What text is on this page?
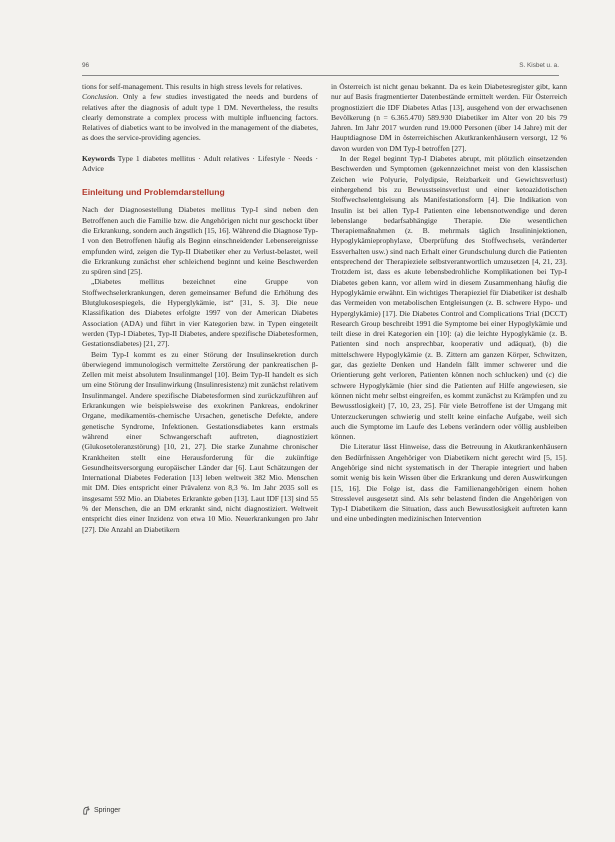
96	S. Kisbet u. a.

tions for self-management. This results in high stress levels for relatives.

Conclusion. Only a few studies investigated the needs and burdens of relatives after the diagnosis of adult type 1 DM. Nevertheless, the results clearly demonstrate a complex process with multiple influencing factors. Relatives of diabetics want to be involved in the management of the diabetes, as does the service-providing agencies.

Keywords Type 1 diabetes mellitus · Adult relatives · Lifestyle · Needs · Advice

Einleitung und Problemdarstellung

Nach der Diagnosestellung Diabetes mellitus Typ-I sind neben den Betroffenen auch die Familie bzw. die Angehörigen nicht nur geschockt über die Erkrankung, sondern auch ängstlich [15, 16]. Während die Diagnose Typ-I von den Betroffenen häufig als Beginn einschneidender Lebensereignisse empfunden wird, zeigen die Typ-II Diabetiker eher zu Verlust-belastet, weil die Erkrankung zunächst eher schleichend beginnt und keine Beschwerden zu spüren sind [25].

„Diabetes mellitus bezeichnet eine Gruppe von Stoffwechselerkrankungen, deren gemeinsamer Befund die Erhöhung des Blutglukosespiegels, die Hyperglykämie, ist“ [31, S. 3]. Die neue Klassifikation des Diabetes erfolgte 1997 von der American Diabetes Association (ADA) und führt in vier Kategorien bzw. in Typen eingeteilt werden (Typ-I Diabetes, Typ-II Diabetes, andere spezifische Diabetesformen, Gestationsdiabetes) [21, 27].

Beim Typ-I kommt es zu einer Störung der Insulinsekretion durch überwiegend immunologisch vermittelte Zerstörung der pankreatischen β-Zellen mit meist absolutem Insulinmangel [10]. Beim Typ-II handelt es sich um eine Störung der Insulinwirkung (Insulinresistenz) mit zunächst relativem Insulinmangel. Andere spezifische Diabetesformen sind zurückzuführen auf Erkrankungen wie beispielsweise des exokrinen Pankreas, endokriner Organe, medikamentös-chemische Ursachen, genetische Defekte, andere genetische Syndrome, Infektionen. Gestationsdiabetes kann erstmals während einer Schwangerschaft auftreten, diagnostiziert (Glukosetoleranzstörung) [10, 21, 27]. Die starke Zunahme chronischer Krankheiten stellt eine Herausforderung für die zukünftige Gesundheitsversorgung europäischer Länder dar [6]. Laut Schätzungen der International Diabetes Federation [13] leben weltweit 382 Mio. Menschen mit DM. Dies entspricht einer Prävalenz von 8,3 %. Im Jahr 2035 soll es insgesamt 592 Mio. an Diabetes Erkrankte geben [13]. Laut IDF [13] sind 55 % der Menschen, die an DM erkrankt sind, nicht diagnostiziert. Weltweit entspricht dies einer Inzidenz von etwa 10 Mio. Neuerkrankungen pro Jahr [27]. Die Anzahl an Diabetikern

in Österreich ist nicht genau bekannt. Da es kein Diabetesregister gibt, kann nur auf Basis fragmentierter Datenbestände ermittelt werden. Für Österreich prognostiziert die IDF Diabetes Atlas [13], ausgehend von der erwachsenen Bevölkerung (n = 6.365.470) 589.930 Diabetiker im Alter von 20 bis 79 Jahren. Im Jahr 2017 wurden rund 19.000 Personen (über 14 Jahre) mit der Hauptdiagnose DM in österreichischen Akutkrankenhäusern versorgt, 12 % davon wurden von DM Typ-I betroffen [27].

In der Regel beginnt Typ-I Diabetes abrupt, mit plötzlich einsetzenden Beschwerden und Symptomen (gekennzeichnet meist von den klassischen Zeichen wie Polyurie, Polydipsie, Reizbarkeit und Gewichtsverlust) einhergehend bis zu Bewusstseinsverlust und einer ketoazidotischen Stoffwechselentgleisung als Manifestationsform [4]. Die Indikation von Insulin ist bei allen Typ-I Patienten eine lebensnotwendige und deren lebenslange bedarfsabhängige Therapie. Die wesentlichen Therapiemaßnahmen (z. B. mehrmals täglich Insulininjektionen, Hypoglykämieprophylaxe, Überprüfung des Stoffwechsels, veränderter Essverhalten usw.) sind nach Erhalt einer Grundschulung durch die Patienten entsprechend der Therapieziele selbstverantwortlich umzusetzen [4, 21, 23]. Trotzdem ist, dass es akute lebensbedrohliche Komplikationen bei Typ-I Diabetes geben kann, vor allem wird in diesem Zusammenhang häufig die Hypoglykämie erwähnt. Ein wichtiges Therapieziel für Diabetiker ist deshalb das Vermeiden von metabolischen Entgleisungen (z. B. schwere Hypo- und Hyperglykämie) [17]. Die Diabetes Control and Complications Trial (DCCT) Research Group beschreibt 1991 die Symptome bei einer Hypoglykämie und teilt diese in drei Kategorien ein [10]: (a) die leichte Hypoglykämie (z. B. Patienten sind noch ansprechbar, kooperativ und adäquat), (b) die mittelschwere Hypoglykämie (z. B. Zittern am ganzen Körper, Schwitzen, gar, das gezielte Denken und Handeln fällt immer schwerer und die Orientierung geht verloren, Patienten können noch schlucken) und (c) die schwere Hypoglykämie (hier sind die Patienten auf Hilfe angewiesen, sie können nicht mehr selbst eingreifen, es kommt zunächst zu Krämpfen und zu Bewusstlosigkeit) [7, 10, 23, 25]. Für viele Betroffene ist der Umgang mit Unterzuckerungen schwierig und stellt keine einfache Aufgabe, weil sich auch die Symptome im Laufe des Lebens verändern oder völlig ausbleiben können.

Die Literatur lässt Hinweise, dass die Betreuung in Akutkrankenhäusern den Bedürfnissen Angehöriger von Diabetikern nicht gerecht wird [5, 15]. Angehörige sind nicht systematisch in der Therapie integriert und haben somit wenig bis kein Wissen über die Erkrankung und deren Auswirkungen [15, 16]. Die Folge ist, dass die Familienangehörigen einem hohen Stresslevel ausgesetzt sind. Als sehr belastend finden die Angehörigen von Typ-I Diabetikern die Situation, dass auch Bewusstlosigkeit auftreten kann und eine unbedingten medizinischen Intervention

Springer
